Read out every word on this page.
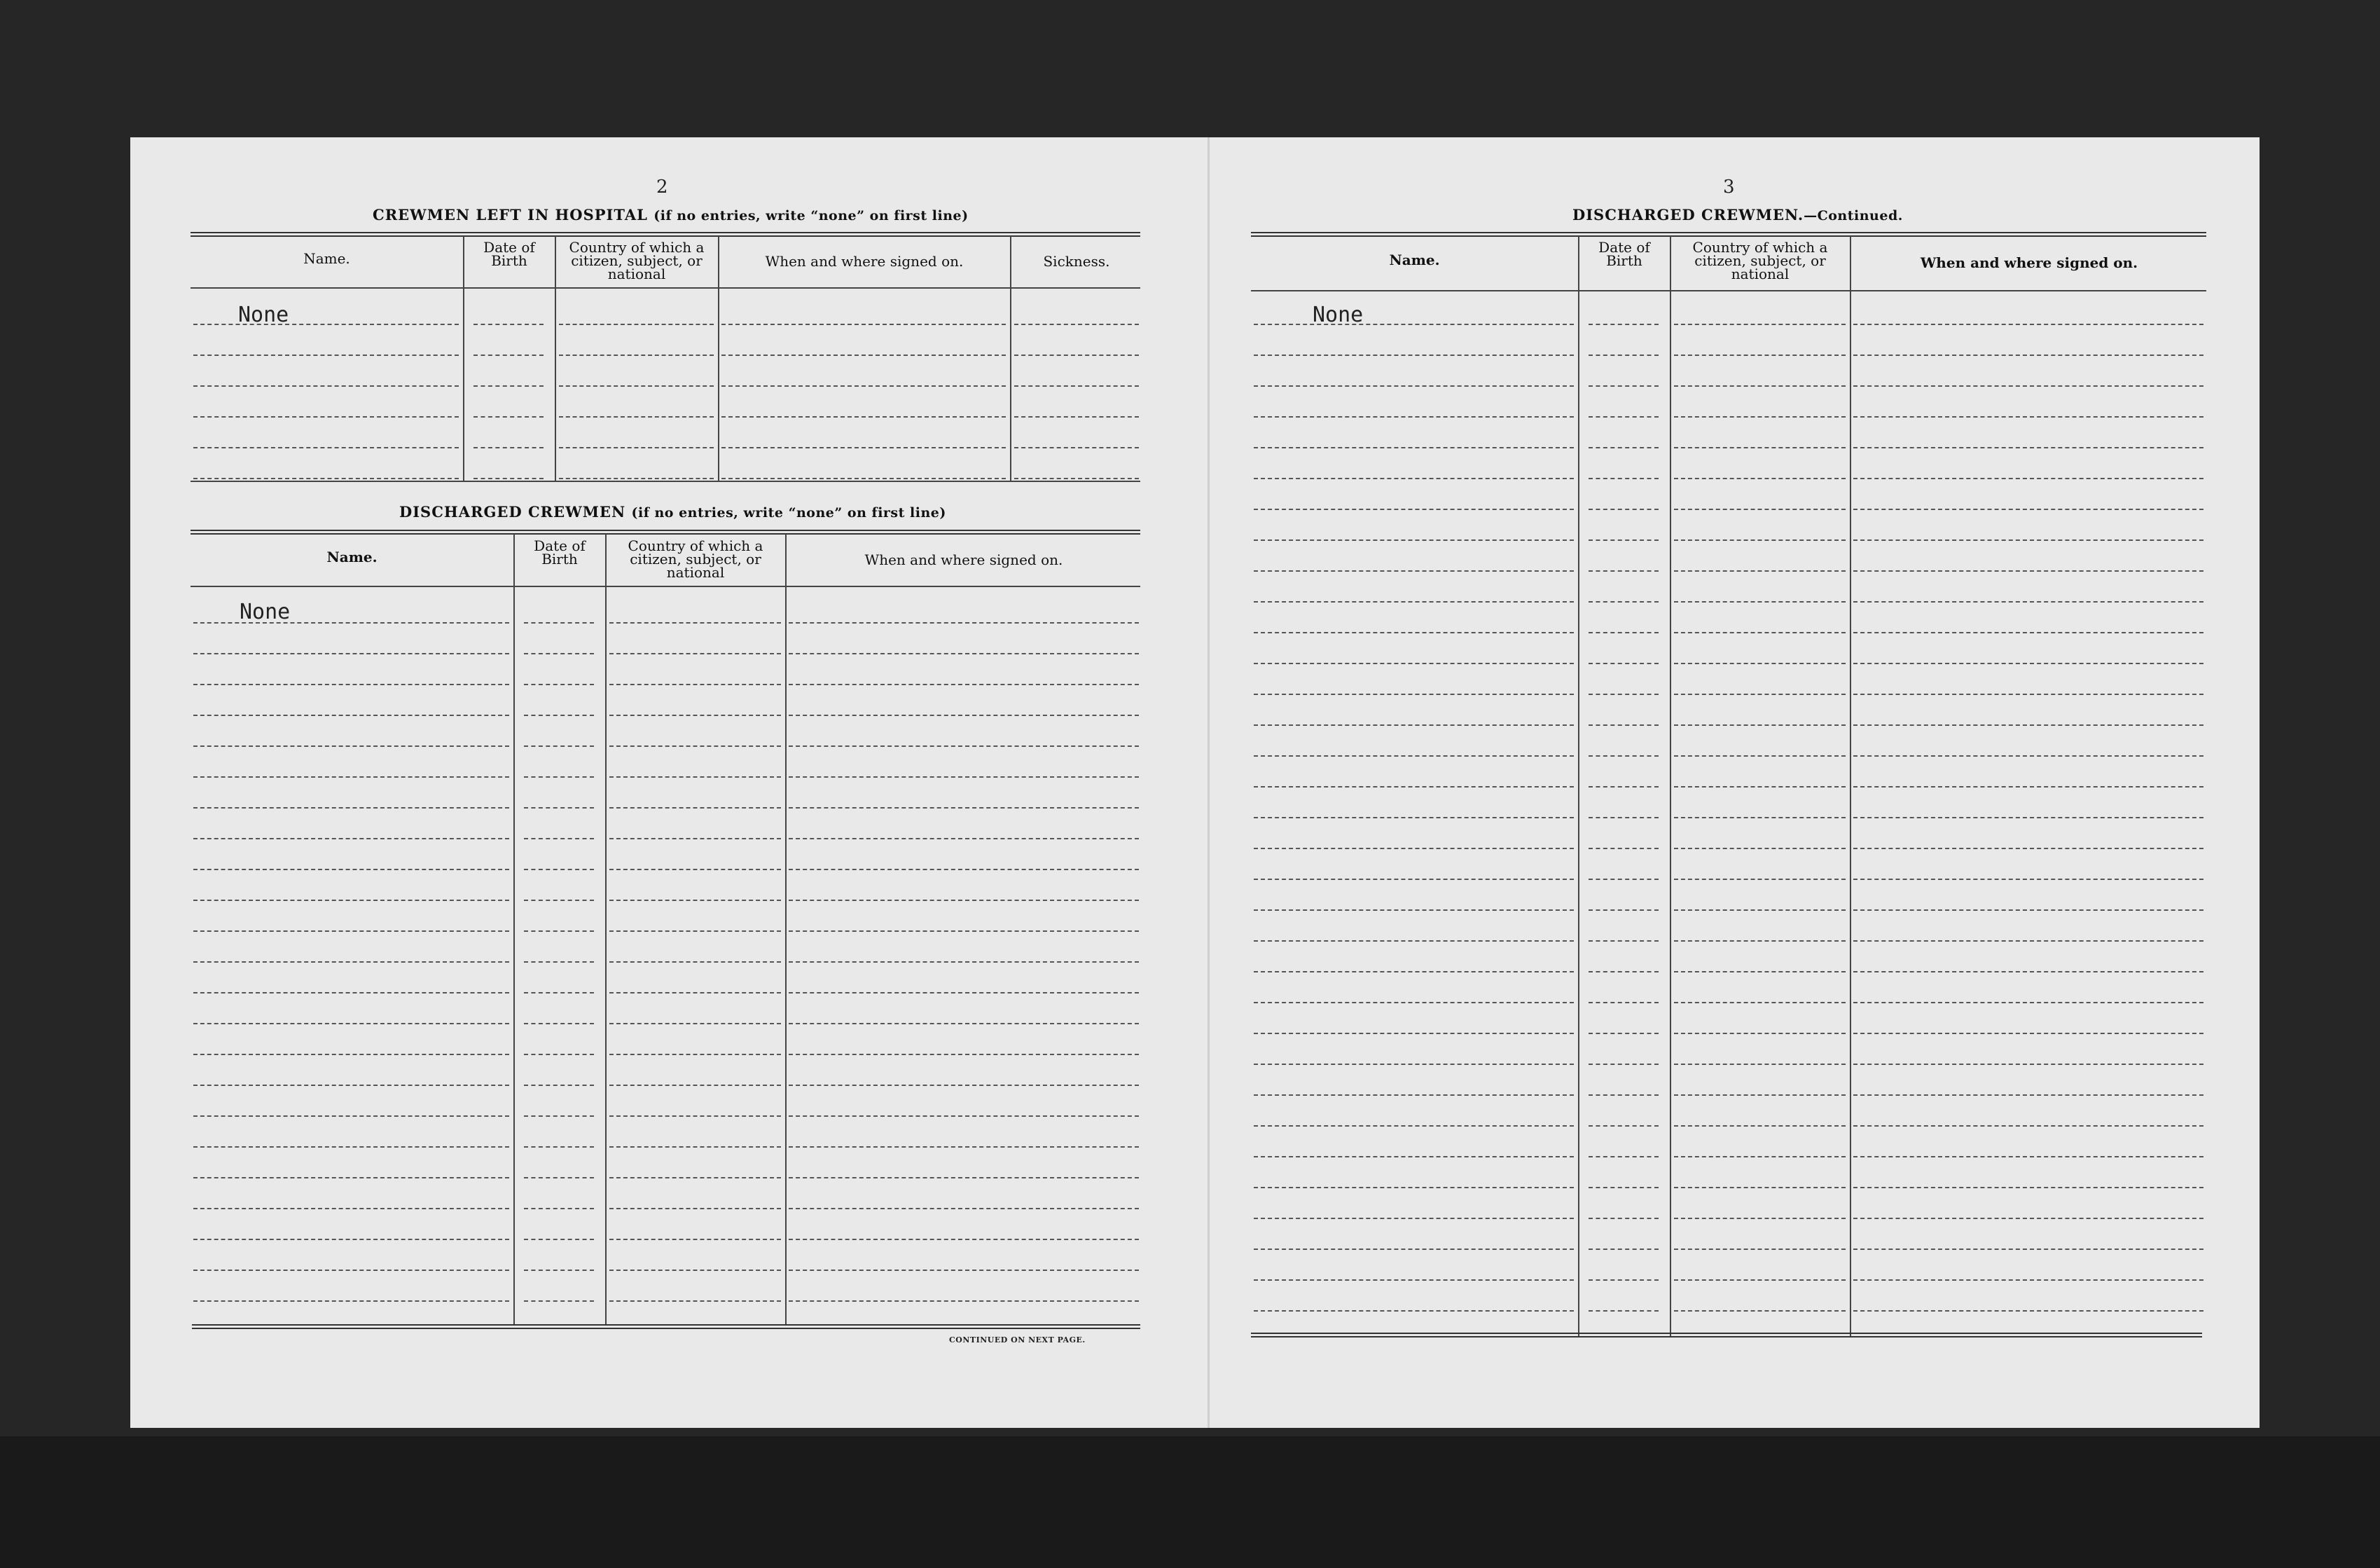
2
CREWMEN LEFT IN HOSPITAL (if no entries, write “none” on first line)
Name.
Date of Birth
Country of which a citizen, subject, or national
When and where signed on.	Sickness.
None
DISCHARGED CREWMEN (if no entries, write “none” on first line)
Name.
Date of Birth
Country of which a citizen, subject, or national
When and where signed on.
None
CONTINUED ON NEXT PAGE.
3
DISCHARGED CREWMEN.—Continued.
Name.
Date of Birth
Country of which a citizen, subject, or national
When and where signed on.
None
